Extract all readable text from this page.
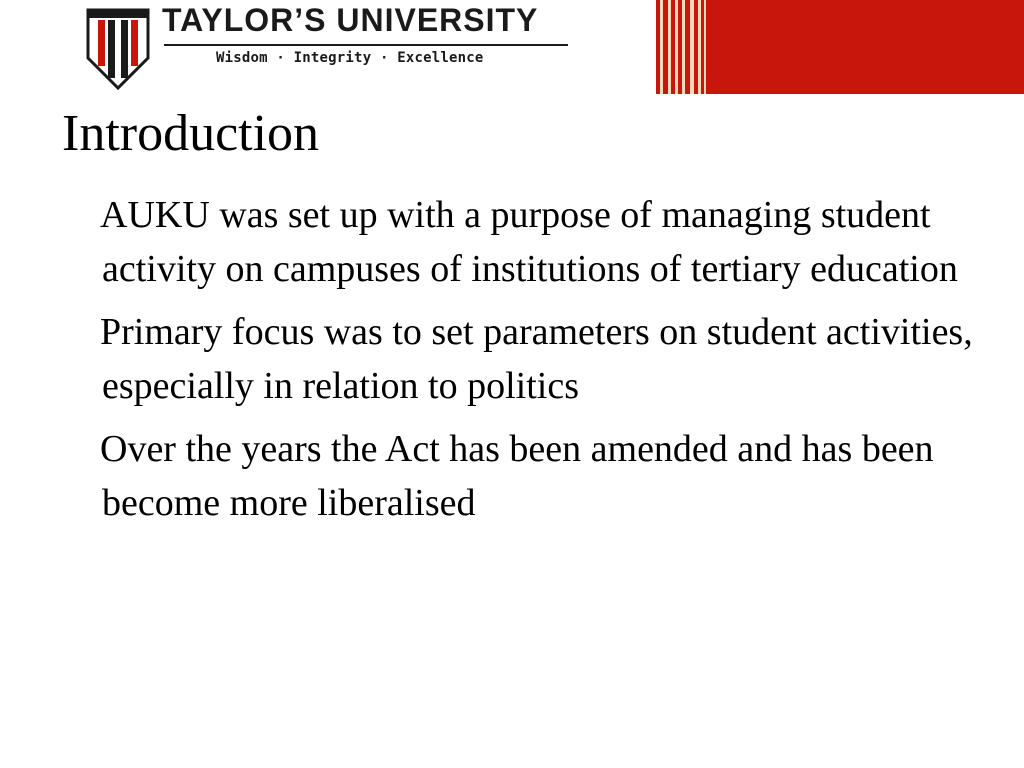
TAYLOR’S UNIVERSITY
Wisdom · Integrity · Excellence
Introduction
AUKU was set up with a purpose of managing student activity on campuses of institutions of tertiary education
Primary focus was to set parameters on student activities, especially in relation to politics
Over the years the Act has been amended and has been become more liberalised
